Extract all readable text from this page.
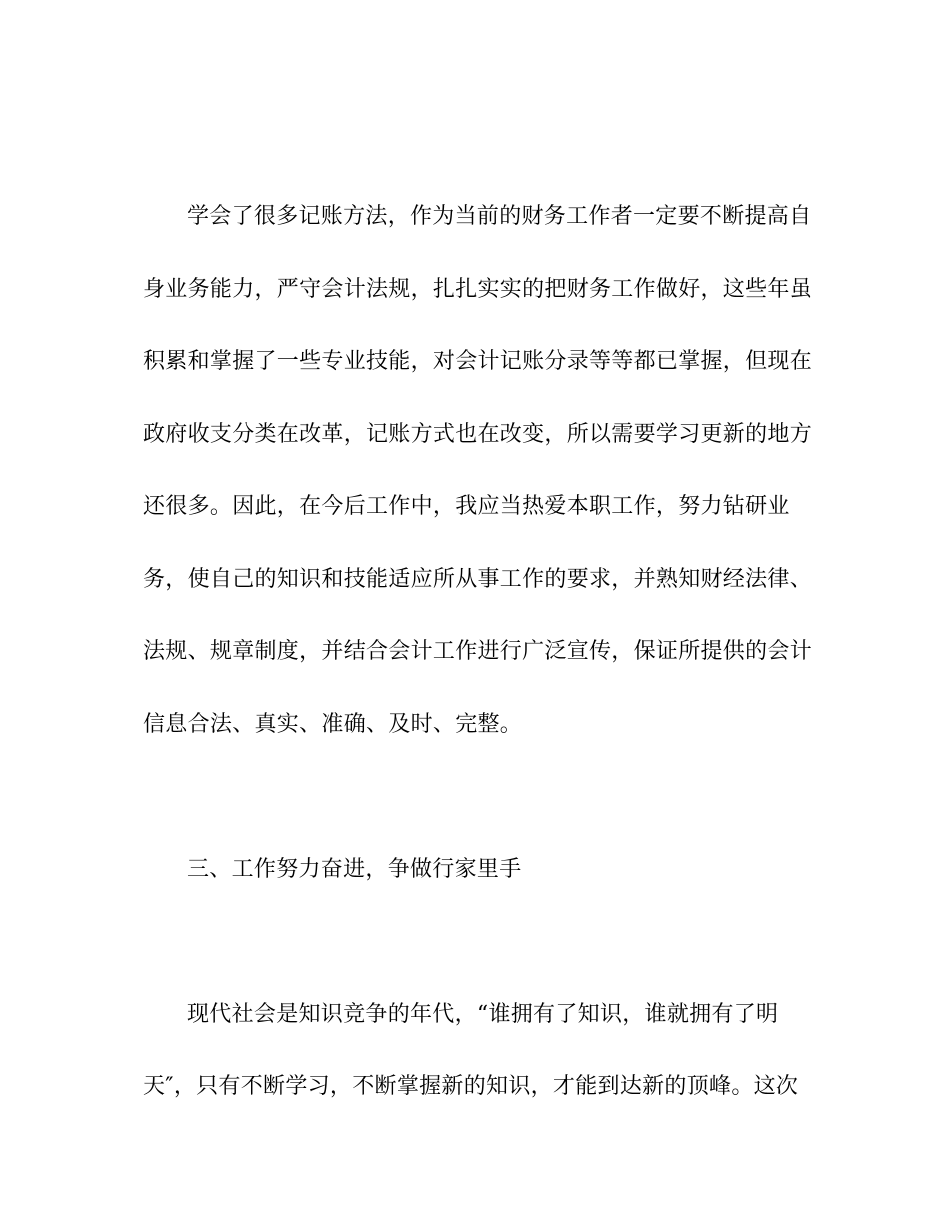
学会了很多记账方法，作为当前的财务工作者一定要不断提高自
身业务能力，严守会计法规，扎扎实实的把财务工作做好，这些年虽
积累和掌握了一些专业技能，对会计记账分录等等都已掌握，但现在
政府收支分类在改革，记账方式也在改变，所以需要学习更新的地方
还很多。因此，在今后工作中，我应当热爱本职工作，努力钻研业
务，使自己的知识和技能适应所从事工作的要求，并熟知财经法律、
法规、规章制度，并结合会计工作进行广泛宣传，保证所提供的会计
信息合法、真实、准确、及时、完整。
三、工作努力奋进，争做行家里手
现代社会是知识竞争的年代，“谁拥有了知识，谁就拥有了明
天″，只有不断学习，不断掌握新的知识，才能到达新的顶峰。这次
